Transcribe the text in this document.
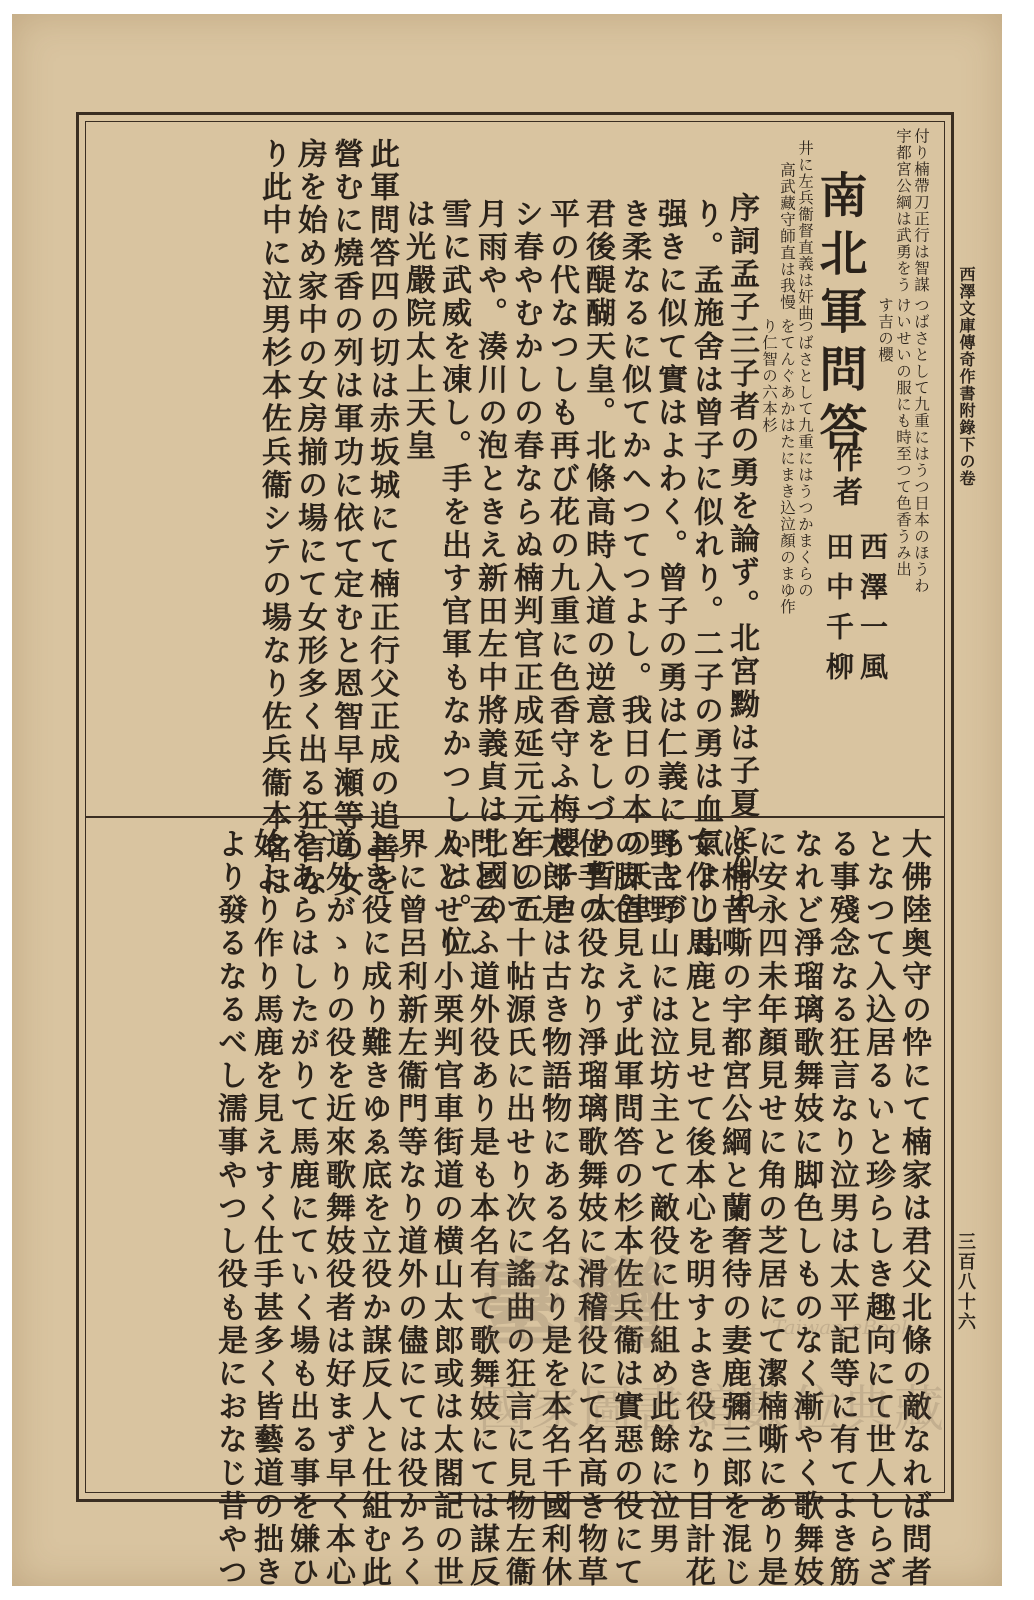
西澤文庫傳奇作書附錄下の卷
三百八十六
付り楠帶刀正行は智謀
宇都宮公綱は武勇をう
つばさとして九重にはうつ日本のほうわ
けいせいの服にも時至つて色香うみ出
す吉の櫻
南北軍問答
作者
西澤一風
田中千柳
井に左兵衞督直義は奸曲
高武藏守師直は我慢
つばさとして九重にはうつかまくらの
をてんぐあかはたにまき込泣顏のまゆ作
り仁智の六本杉
序詞孟子三子者の勇を論ず。北宮黝は子夏に似れ
り。孟施舍は曾子に似れり。二子の勇は血氣より出
强きに似て實はよわく。曾子の勇は仁義にもとづ
き柔なるに似てかへつてつよし。我日の本の天津
君後醍醐天皇。北條高時入道の逆意をしづめ暫太
平の代なつしも再び花の九重に色香守ふ梅櫻チロ
シ春やむかしの春ならぬ楠判官正成延元元年の五
月雨や。湊川の泡ときえ新田左中將義貞は北國の
雪に武威を凍し。手を出す官軍もなかつしかは。位
は光嚴院太上天皇
此軍問答四の切は赤坂城にて楠正行父正成の追善を
營むに燒香の列は軍功に依て定むと恩智早瀬等の女
房を始め家中の女房揃の場にて女形多く出る狂言な
り此中に泣男杉本佐兵衞シテの場なり佐兵衞本名は
大佛陸奥守の忰にて楠家は君父北條の敵なれば問者
となつて入込居るいと珍らしき趣向にて世人しらざ
る事殘念なる狂言なり泣男は太平記等に有てよき筋
なれど淨瑠璃歌舞妓に脚色しものなく漸やく歌舞妓
に安永四未年顏見せに角の芝居にて潔楠嘶にあり是
は楠昔嘶の宇都宮公綱と蘭奢待の妻鹿彌三郎を混じ
て作し馬鹿と見せて後本心を明すよき役なり目計花
野吉野山には泣坊主とて敵役に仕組め此餘に泣男
の脚色見えず此軍問答の杉本佐兵衞は實惡の役にて
仕手の役なり淨瑠璃歌舞妓に滑稽役にて名高き物草
太郎是は古き物語物にある名なり是を本名千國利休
として十帖源氏に出せり次に謠曲の狂言に見物左衞
門と云ふ道外役あり是も本名有て歌舞妓にては謀反
人とせり小栗判官車街道の横山太郎或は太閤記の世
界に曾呂利新左衞門等なり道外の儘にては役かろく
よき役に成り難きゆゑ底を立役か謀反人と仕組む此
道外がゝりの役を近來歌舞妓役者は好まず早く本心
をあらはしたがりて馬鹿にていく場も出る事を嫌ひ
始より作り馬鹿を見えすく仕手甚多く皆藝道の拙き
より發るなるべし濡事やつし役も是におなじ昔やつ 臺灣	Taiwan eBook
國家圖書館數位典藏
